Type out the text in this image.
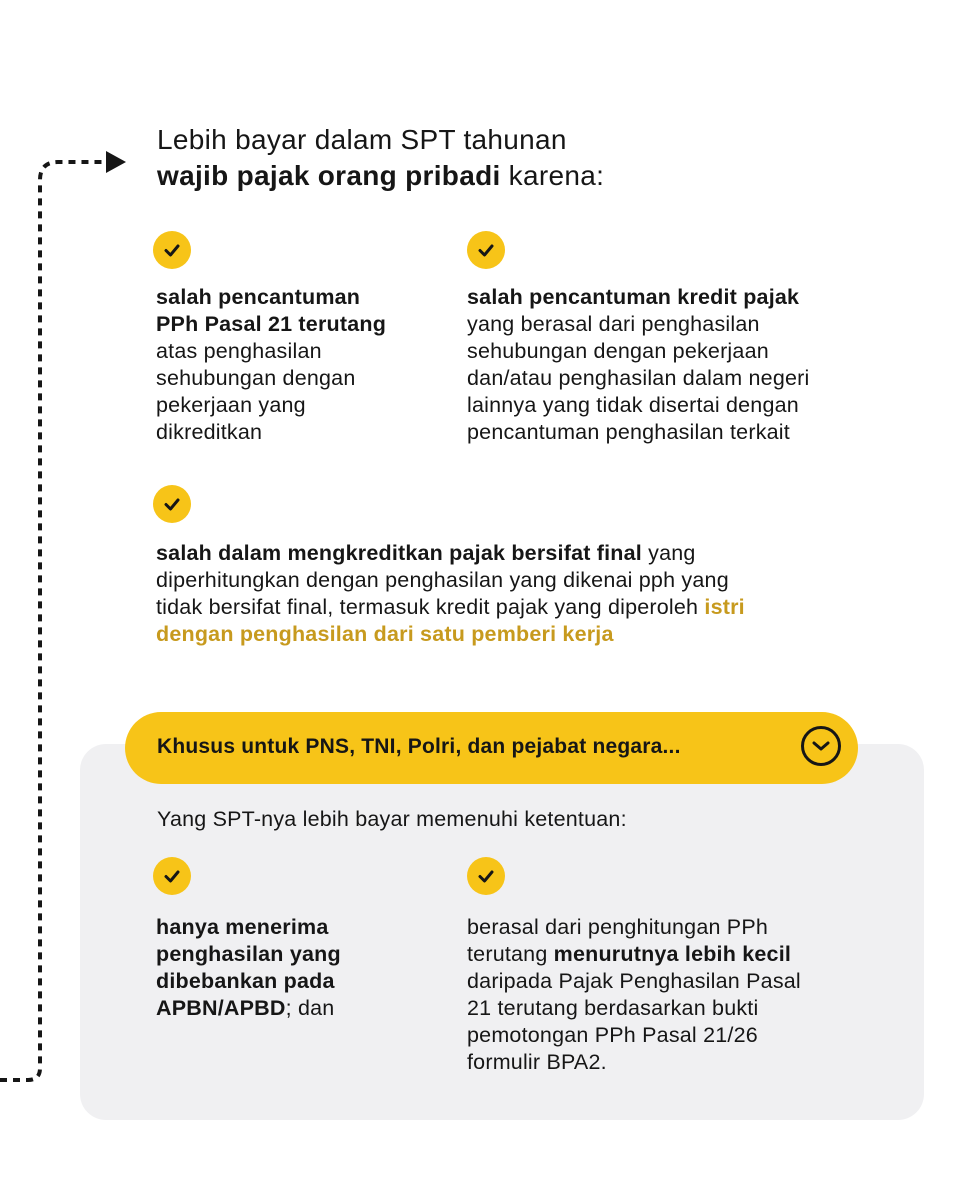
Lebih bayar dalam SPT tahunan
wajib pajak orang pribadi karena:
salah pencantuman
PPh Pasal 21 terutang
atas penghasilan
sehubungan dengan
pekerjaan yang
dikreditkan
salah pencantuman kredit pajak
yang berasal dari penghasilan
sehubungan dengan pekerjaan
dan/atau penghasilan dalam negeri
lainnya yang tidak disertai dengan
pencantuman penghasilan terkait
salah dalam mengkreditkan pajak bersifat final yang
diperhitungkan dengan penghasilan yang dikenai pph yang
tidak bersifat final, termasuk kredit pajak yang diperoleh istri
dengan penghasilan dari satu pemberi kerja
Khusus untuk PNS, TNI, Polri, dan pejabat negara...
Yang SPT-nya lebih bayar memenuhi ketentuan:
hanya menerima
penghasilan yang
dibebankan pada
APBN/APBD; dan
berasal dari penghitungan PPh
terutang menurutnya lebih kecil
daripada Pajak Penghasilan Pasal
21 terutang berdasarkan bukti
pemotongan PPh Pasal 21/26
formulir BPA2.
